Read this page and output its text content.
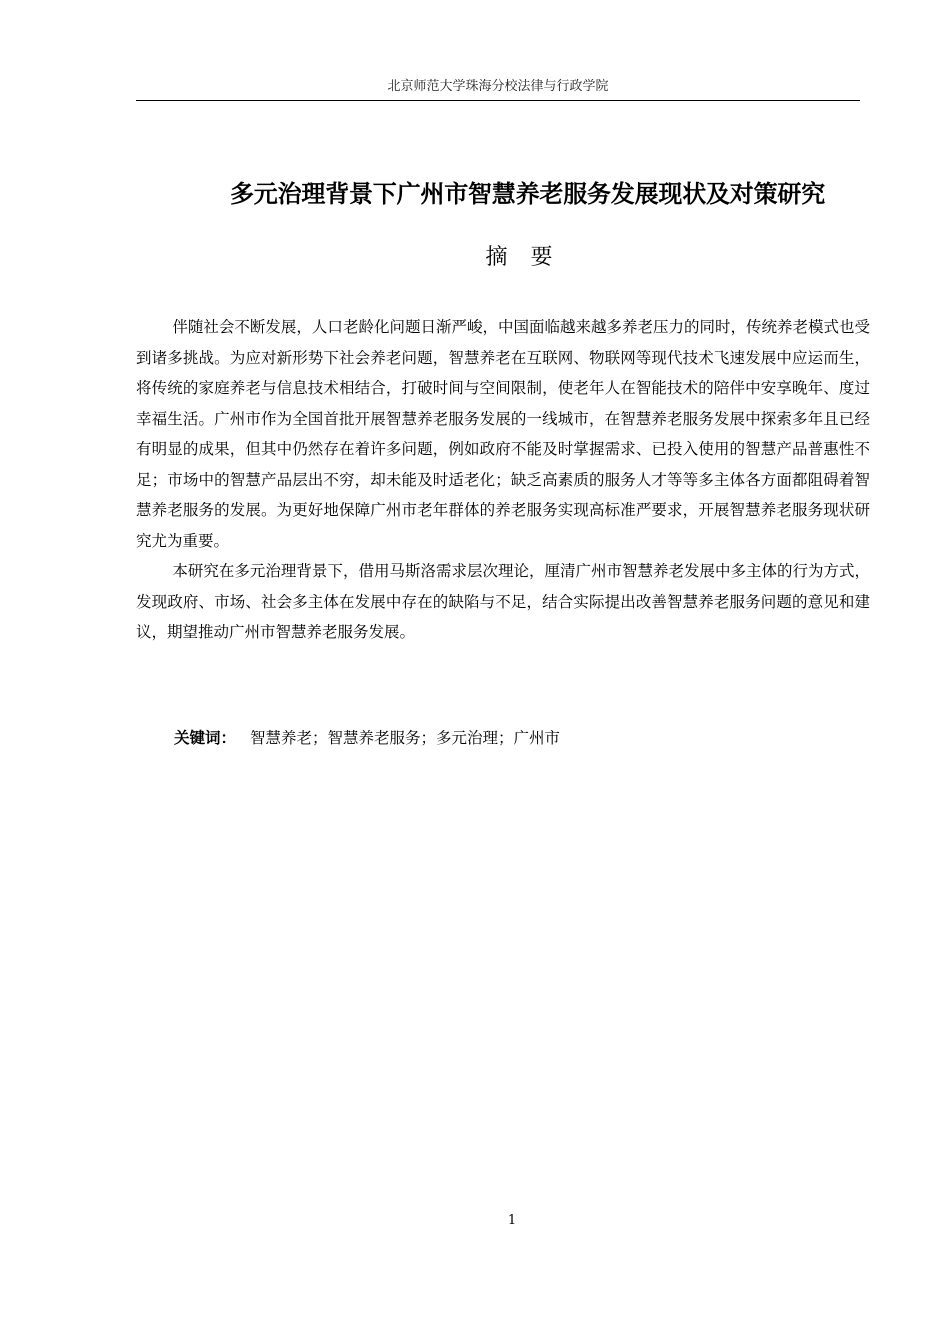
北京师范大学珠海分校法律与行政学院
多元治理背景下广州市智慧养老服务发展现状及对策研究
摘 要

伴随社会不断发展，人口老龄化问题日渐严峻，中国面临越来越多养老压力的同时，传统养老模式也受到诸多挑战。为应对新形势下社会养老问题，智慧养老在互联网、物联网等现代技术飞速发展中应运而生，将传统的家庭养老与信息技术相结合，打破时间与空间限制，使老年人在智能技术的陪伴中安享晚年、度过幸福生活。广州市作为全国首批开展智慧养老服务发展的一线城市，在智慧养老服务发展中探索多年且已经有明显的成果，但其中仍然存在着许多问题，例如政府不能及时掌握需求、已投入使用的智慧产品普惠性不足；市场中的智慧产品层出不穷，却未能及时适老化；缺乏高素质的服务人才等等多主体各方面都阻碍着智慧养老服务的发展。为更好地保障广州市老年群体的养老服务实现高标准严要求，开展智慧养老服务现状研究尤为重要。

本研究在多元治理背景下，借用马斯洛需求层次理论，厘清广州市智慧养老发展中多主体的行为方式，发现政府、市场、社会多主体在发展中存在的缺陷与不足，结合实际提出改善智慧养老服务问题的意见和建议，期望推动广州市智慧养老服务发展。

关键词： 智慧养老；智慧养老服务；多元治理；广州市
1
